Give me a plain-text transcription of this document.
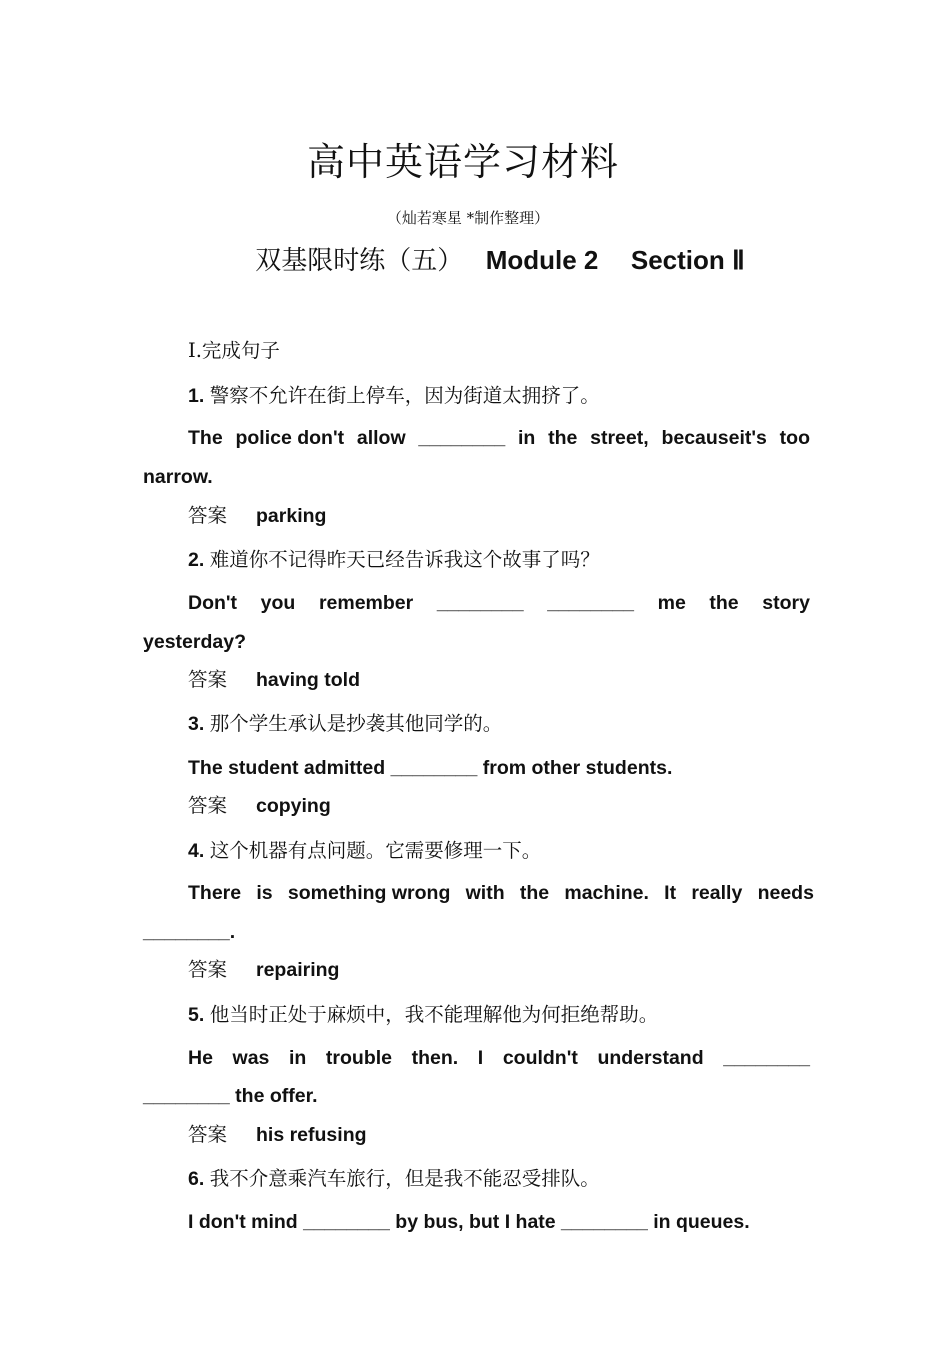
高中英语学习材料
（灿若寒星 *制作整理）
双基限时练（五） Module 2 Section Ⅱ
Ⅰ.完成句子
1. 警察不允许在街上停车，因为街道太拥挤了。
The police don't allow ________ in the street, becauseit's too
narrow.
答案 parking
2. 难道你不记得昨天已经告诉我这个故事了吗？
Don't you remember ________ ________ me the story
yesterday?
答案 having told
3. 那个学生承认是抄袭其他同学的。
The student admitted ________ from other students.
答案 copying
4. 这个机器有点问题。它需要修理一下。
There is something wrong with the machine. It really needs
________.
答案 repairing
5. 他当时正处于麻烦中，我不能理解他为何拒绝帮助。
He was in trouble then. I couldn't understand ________
________ the offer.
答案 his refusing
6. 我不介意乘汽车旅行，但是我不能忍受排队。
I don't mind ________ by bus, but I hate ________ in queues.
